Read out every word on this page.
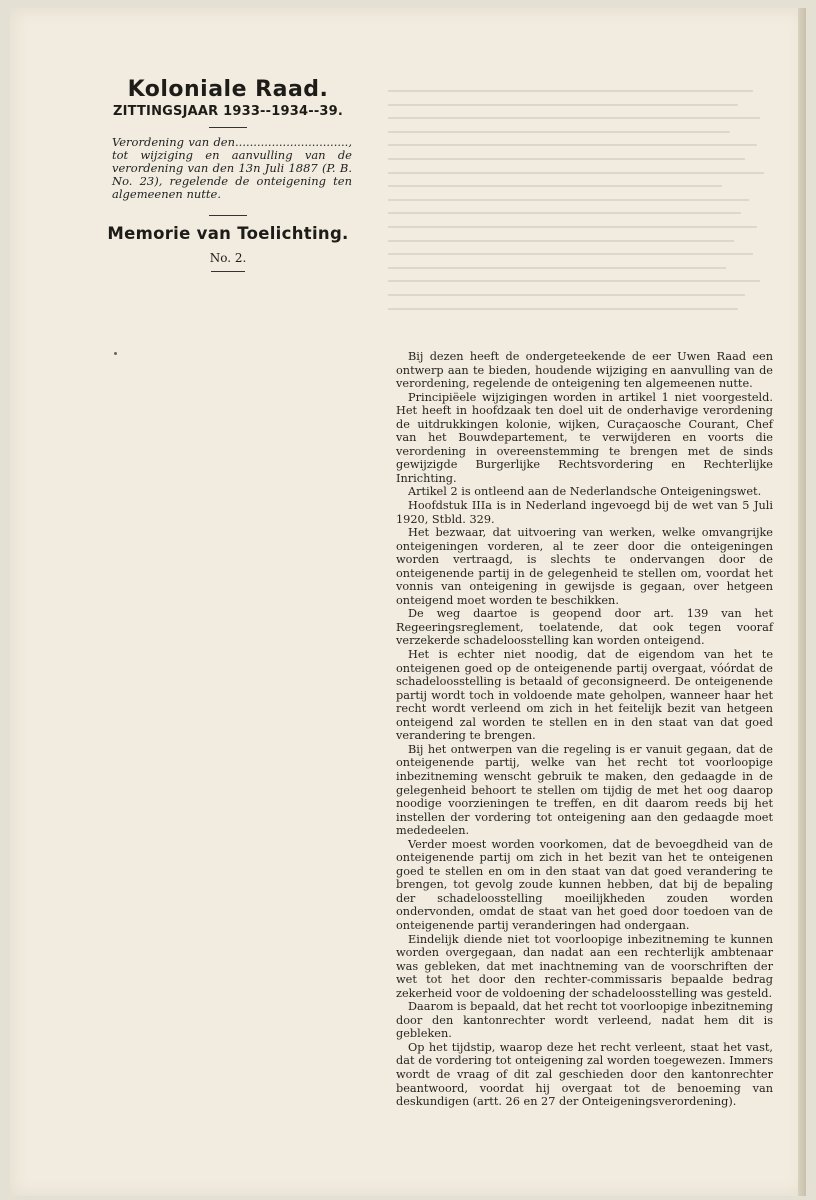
Koloniale Raad.
ZITTINGSJAAR 1933--1934--39.
Verordening van den..............................., tot wijziging en aanvulling van de verordening van den 13n Juli 1887 (P. B. No. 23), regelende de onteigening ten algemeenen nutte.
Memorie van Toelichting.
No. 2.

Bij dezen heeft de ondergeteekende de eer Uwen Raad een ontwerp aan te bieden, houdende wijziging en aanvulling van de verordening, regelende de onteigening ten algemeenen nutte.

Principiëele wijzigingen worden in artikel 1 niet voorgesteld. Het heeft in hoofdzaak ten doel uit de onderhavige verordening de uitdrukkingen kolonie, wijken, Curaçaosche Courant, Chef van het Bouwdepartement, te verwijderen en voorts die verordening in overeenstemming te brengen met de sinds gewijzigde Burgerlijke Rechtsvordering en Rechterlijke Inrichting.

Artikel 2 is ontleend aan de Nederlandsche Onteigeningswet.

Hoofdstuk IIIa is in Nederland ingevoegd bij de wet van 5 Juli 1920, Stbld. 329.

Het bezwaar, dat uitvoering van werken, welke omvangrijke onteigeningen vorderen, al te zeer door die onteigeningen worden vertraagd, is slechts te ondervangen door de onteigenende partij in de gelegenheid te stellen om, voordat het vonnis van onteigening in gewijsde is gegaan, over hetgeen onteigend moet worden te beschikken.

De weg daartoe is geopend door art. 139 van het Regeeringsreglement, toelatende, dat ook tegen vooraf verzekerde schadeloosstelling kan worden onteigend.

Het is echter niet noodig, dat de eigendom van het te onteigenen goed op de onteigenende partij overgaat, vóórdat de schadeloosstelling is betaald of geconsigneerd. De onteigenende partij wordt toch in voldoende mate geholpen, wanneer haar het recht wordt verleend om zich in het feitelijk bezit van hetgeen onteigend zal worden te stellen en in den staat van dat goed verandering te brengen.

Bij het ontwerpen van die regeling is er vanuit gegaan, dat de onteigenende partij, welke van het recht tot voorloopige inbezitneming wenscht gebruik te maken, den gedaagde in de gelegenheid behoort te stellen om tijdig de met het oog daarop noodige voorzieningen te treffen, en dit daarom reeds bij het instellen der vordering tot onteigening aan den gedaagde moet mededeelen.

Verder moest worden voorkomen, dat de bevoegdheid van de onteigenende partij om zich in het bezit van het te onteigenen goed te stellen en om in den staat van dat goed verandering te brengen, tot gevolg zoude kunnen hebben, dat bij de bepaling der schadeloosstelling moeilijkheden zouden worden ondervonden, omdat de staat van het goed door toedoen van de onteigenende partij veranderingen had ondergaan.

Eindelijk diende niet tot voorloopige inbezitneming te kunnen worden overgegaan, dan nadat aan een rechterlijk ambtenaar was gebleken, dat met inachtneming van de voorschriften der wet tot het door den rechter-commissaris bepaalde bedrag zekerheid voor de voldoening der schadeloosstelling was gesteld.

Daarom is bepaald, dat het recht tot voorloopige inbezitneming door den kantonrechter wordt verleend, nadat hem dit is gebleken.

Op het tijdstip, waarop deze het recht verleent, staat het vast, dat de vordering tot onteigening zal worden toegewezen. Immers wordt de vraag of dit zal geschieden door den kantonrechter beantwoord, voordat hij overgaat tot de benoeming van deskundigen (artt. 26 en 27 der Onteigeningsverordening).
